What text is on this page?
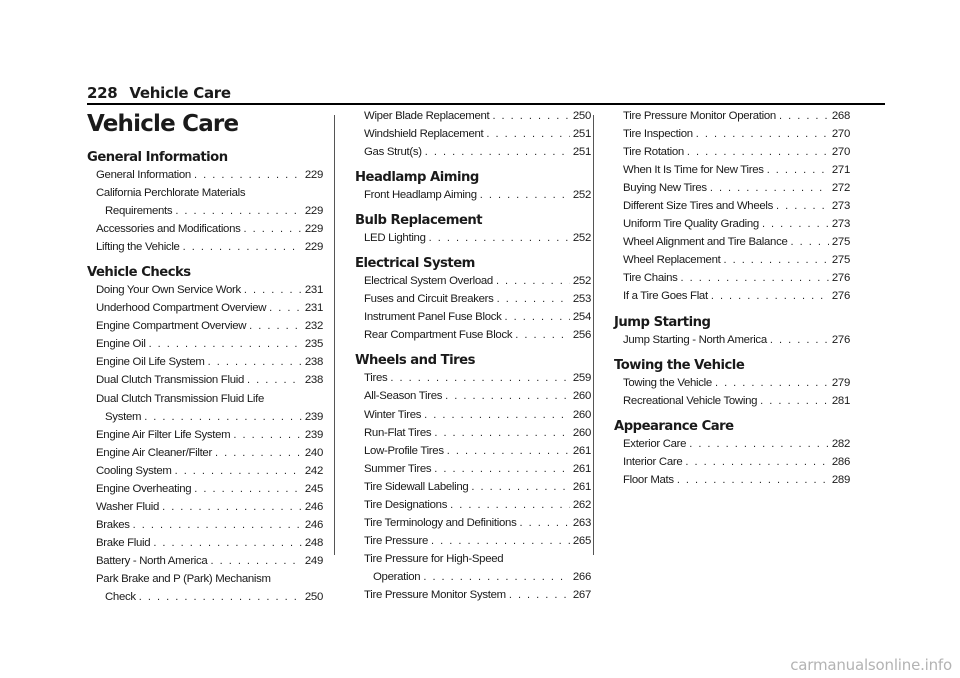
228 Vehicle Care
Vehicle Care
General Information
General Information . . .	229
California Perchlorate Materials
Requirements . . .	229
Accessories and Modifications . . .	229
Lifting the Vehicle . . .	229
Vehicle Checks
Doing Your Own Service Work . . .	231
Underhood Compartment Overview . . .	231
Engine Compartment Overview . . .	232
Engine Oil . . .	235
Engine Oil Life System . . .	238
Dual Clutch Transmission Fluid . . .	238
Dual Clutch Transmission Fluid Life
System . . .	239
Engine Air Filter Life System . . .	239
Engine Air Cleaner/Filter . . .	240
Cooling System . . .	242
Engine Overheating . . .	245
Washer Fluid . . .	246
Brakes . . .	246
Brake Fluid . . .	248
Battery - North America . . .	249
Park Brake and P (Park) Mechanism
Check . . .	250
Wiper Blade Replacement . . .	250
Windshield Replacement . . .	251
Gas Strut(s) . . .	251
Headlamp Aiming
Front Headlamp Aiming . . .	252
Bulb Replacement
LED Lighting . . .	252
Electrical System
Electrical System Overload . . .	252
Fuses and Circuit Breakers . . .	253
Instrument Panel Fuse Block . . .	254
Rear Compartment Fuse Block . . .	256
Wheels and Tires
Tires . . .	259
All-Season Tires . . .	260
Winter Tires . . .	260
Run-Flat Tires . . .	260
Low-Profile Tires . . .	261
Summer Tires . . .	261
Tire Sidewall Labeling . . .	261
Tire Designations . . .	262
Tire Terminology and Definitions . . .	263
Tire Pressure . . .	265
Tire Pressure for High-Speed
Operation . . .	266
Tire Pressure Monitor System . . .	267
Tire Pressure Monitor Operation . . .	268
Tire Inspection . . .	270
Tire Rotation . . .	270
When It Is Time for New Tires . . .	271
Buying New Tires . . .	272
Different Size Tires and Wheels . . .	273
Uniform Tire Quality Grading . . .	273
Wheel Alignment and Tire Balance . . .	275
Wheel Replacement . . .	275
Tire Chains . . .	276
If a Tire Goes Flat . . .	276
Jump Starting
Jump Starting - North America . . .	276
Towing the Vehicle
Towing the Vehicle . . .	279
Recreational Vehicle Towing . . .	281
Appearance Care
Exterior Care . . .	282
Interior Care . . .	286
Floor Mats . . .	289
carmanualsonline.info
